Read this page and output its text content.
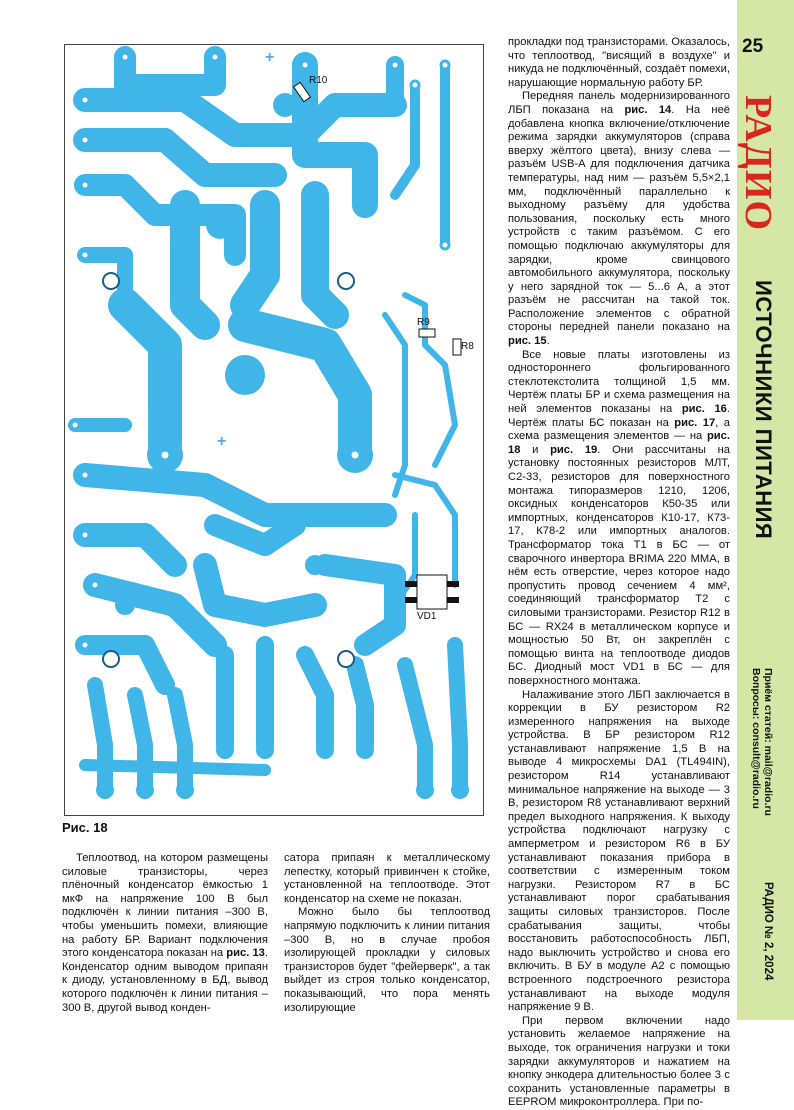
R10
R9
R8
VD1
+
+
Рис. 18

прокладки под транзисторами. Оказалось, что теплоотвод, "висящий в воздухе" и никуда не подключённый, создаёт помехи, нарушающие нормальную работу БР.

Передняя панель модернизированного ЛБП показана на рис. 14. На неё добавлена кнопка включение/отключение режима зарядки аккумуляторов (справа вверху жёлтого цвета), внизу слева — разъём USB-A для подключения датчика температуры, над ним — разъём 5,5×2,1 мм, подключённый параллельно к выходному разъёму для удобства пользования, поскольку есть много устройств с таким разъёмом. С его помощью подключаю аккумуляторы для зарядки, кроме свинцового автомобильного аккумулятора, поскольку у него зарядной ток — 5...6 А, а этот разъём не рассчитан на такой ток. Расположение элементов с обратной стороны передней панели показано на рис. 15.

Все новые платы изготовлены из одностороннего фольгированного стеклотекстолита толщиной 1,5 мм. Чертёж платы БР и схема размещения на ней элементов показаны на рис. 16. Чертёж платы БС показан на рис. 17, а схема размещения элементов — на рис. 18 и рис. 19. Они рассчитаны на установку постоянных резисторов МЛТ, С2-33, резисторов для поверхностного монтажа типоразмеров 1210, 1206, оксидных конденсаторов К50-35 или импортных, конденсаторов К10-17, К73-17, К78-2 или импортных аналогов. Трансформатор тока Т1 в БС — от сварочного инвертора BRIMA 220 MMA, в нём есть отверстие, через которое надо пропустить провод сечением 4 мм², соединяющий трансформатор Т2 с силовыми транзисторами. Резистор R12 в БС — RX24 в металлическом корпусе и мощностью 50 Вт, он закреплён с помощью винта на теплоотводе диодов БС. Диодный мост VD1 в БС — для поверхностного монтажа.

Налаживание этого ЛБП заключается в коррекции в БУ резистором R2 измеренного напряжения на выходе устройства. В БР резистором R12 устанавливают напряжение 1,5 В на выводе 4 микросхемы DA1 (TL494IN), резистором R14 устанавливают минимальное напряжение на выходе — 3 В, резистором R8 устанавливают верхний предел выходного напряжения. К выходу устройства подключают нагрузку с амперметром и резистором R6 в БУ устанавливают показания прибора в соответствии с измеренным током нагрузки. Резистором R7 в БС устанавливают порог срабатывания защиты силовых транзисторов. После срабатывания защиты, чтобы восстановить работоспособность ЛБП, надо выключить устройство и снова его включить. В БУ в модуле А2 с помощью встроенного подстроечного резистора устанавливают на выходе модуля напряжение 9 В.

При первом включении надо установить желаемое напряжение на выходе, ток ограничения нагрузки и токи зарядки аккумуляторов и нажатием на кнопку энкодера длительностью более 3 с сохранить установленные параметры в EEPROM микроконтроллера. При по-

Теплоотвод, на котором размещены силовые транзисторы, через плёночный конденсатор ёмкостью 1 мкФ на напряжение 100 В был подключён к линии питания –300 В, чтобы уменьшить помехи, влияющие на работу БР. Вариант подключения этого конденсатора показан на рис. 13. Конденсатор одним выводом припаян к диоду, установленному в БД, вывод которого подключён к линии питания –300 В, другой вывод конден-

сатора припаян к металлическому лепестку, который привинчен к стойке, установленной на теплоотводе. Этот конденсатор на схеме не показан.

Можно было бы теплоотвод напрямую подключить к линии питания –300 В, но в случае пробоя изолирующей прокладки у силовых транзисторов будет "фейерверк", а так выйдет из строя только конденсатор, показывающий, что пора менять изолирующие

25
РАДИО
ИСТОЧНИКИ ПИТАНИЯ
Приём статей: mail@radio.ru
Вопросы: consult@radio.ru
РАДИО № 2, 2024
